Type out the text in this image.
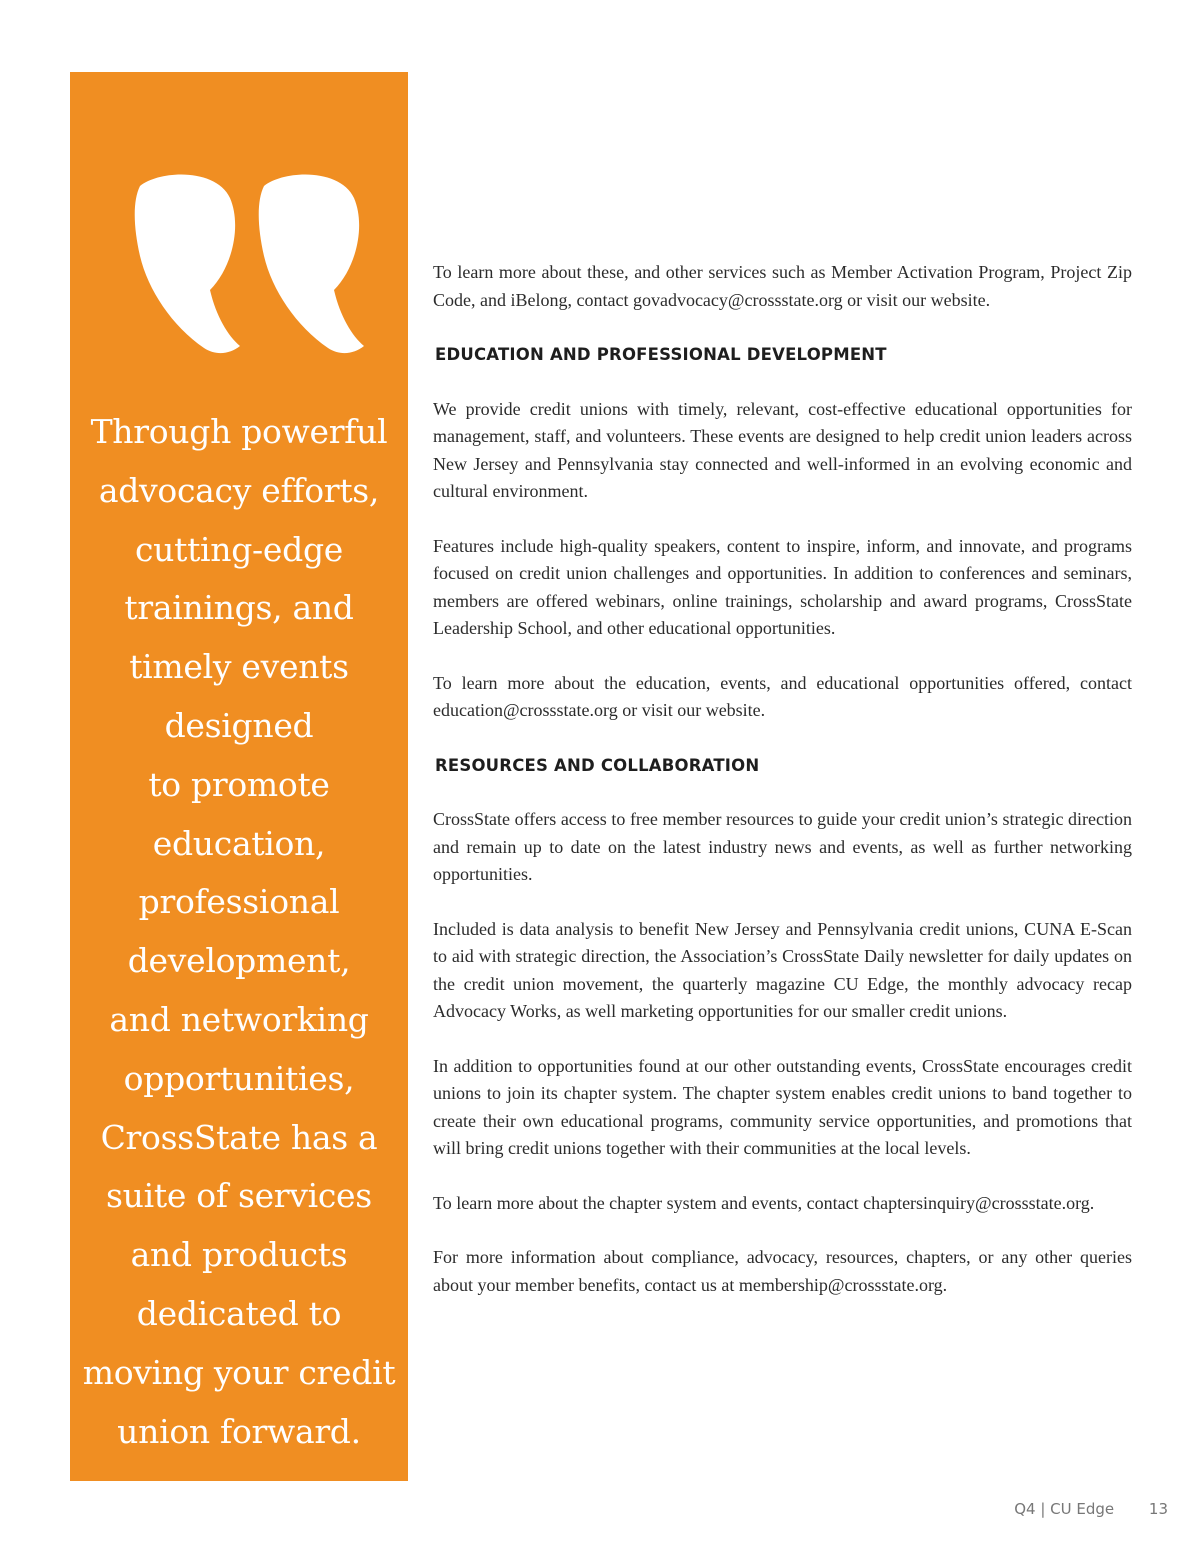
Through powerful
advocacy efforts,
cutting-edge
trainings, and
timely events
designed
to promote
education,
professional
development,
and networking
opportunities,
CrossState has a
suite of services
and products
dedicated to
moving your credit
union forward.

To learn more about these, and other services such as Member Activation Program, Project Zip Code, and iBelong, contact govadvocacy@crossstate.org or visit our website.

EDUCATION AND PROFESSIONAL DEVELOPMENT

We provide credit unions with timely, relevant, cost-effective educational opportunities for management, staff, and volunteers. These events are designed to help credit union leaders across New Jersey and Pennsylvania stay connected and well-informed in an evolving economic and cultural environment.

Features include high-quality speakers, content to inspire, inform, and innovate, and programs focused on credit union challenges and opportunities. In addition to conferences and seminars, members are offered webinars, online trainings, scholarship and award programs, CrossState Leadership School, and other educational opportunities.

To learn more about the education, events, and educational opportunities offered, contact education@crossstate.org or visit our website.

RESOURCES AND COLLABORATION

CrossState offers access to free member resources to guide your credit union’s strategic direction and remain up to date on the latest industry news and events, as well as further networking opportunities.

Included is data analysis to benefit New Jersey and Pennsylvania credit unions, CUNA E-Scan to aid with strategic direction, the Association’s CrossState Daily newsletter for daily updates on the credit union movement, the quarterly magazine CU Edge, the monthly advocacy recap Advocacy Works, as well marketing opportunities for our smaller credit unions.

In addition to opportunities found at our other outstanding events, CrossState encourages credit unions to join its chapter system. The chapter system enables credit unions to band together to create their own educational programs, community service opportunities, and promotions that will bring credit unions together with their communities at the local levels.

To learn more about the chapter system and events, contact chaptersinquiry@crossstate.org.

For more information about compliance, advocacy, resources, chapters, or any other queries about your member benefits, contact us at membership@crossstate.org.

Q4 | CU Edge 13
